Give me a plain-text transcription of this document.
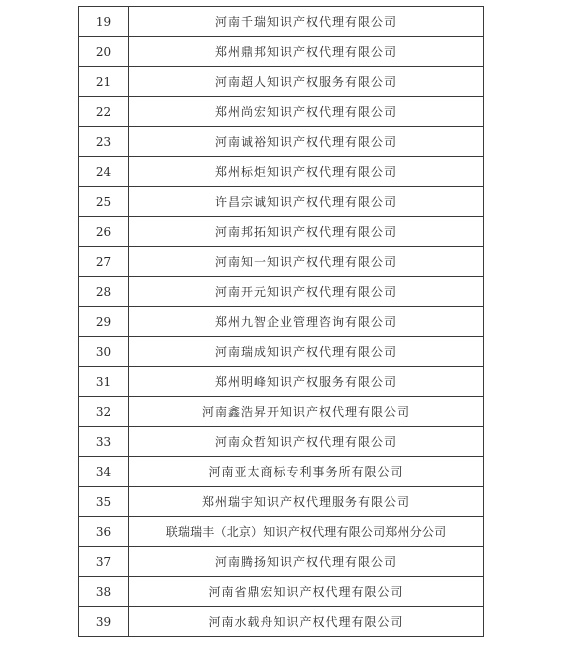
19	河南千瑞知识产权代理有限公司
20	郑州鼎邦知识产权代理有限公司
21	河南超人知识产权服务有限公司
22	郑州尚宏知识产权代理有限公司
23	河南诚裕知识产权代理有限公司
24	郑州标炬知识产权代理有限公司
25	许昌宗诚知识产权代理有限公司
26	河南邦拓知识产权代理有限公司
27	河南知一知识产权代理有限公司
28	河南开元知识产权代理有限公司
29	郑州九智企业管理咨询有限公司
30	河南瑞成知识产权代理有限公司
31	郑州明峰知识产权服务有限公司
32	河南鑫浩昇开知识产权代理有限公司
33	河南众哲知识产权代理有限公司
34	河南亚太商标专利事务所有限公司
35	郑州瑞宇知识产权代理服务有限公司
36	联瑞瑞丰（北京）知识产权代理有限公司郑州分公司
37	河南腾扬知识产权代理有限公司
38	河南省鼎宏知识产权代理有限公司
39	河南水载舟知识产权代理有限公司
